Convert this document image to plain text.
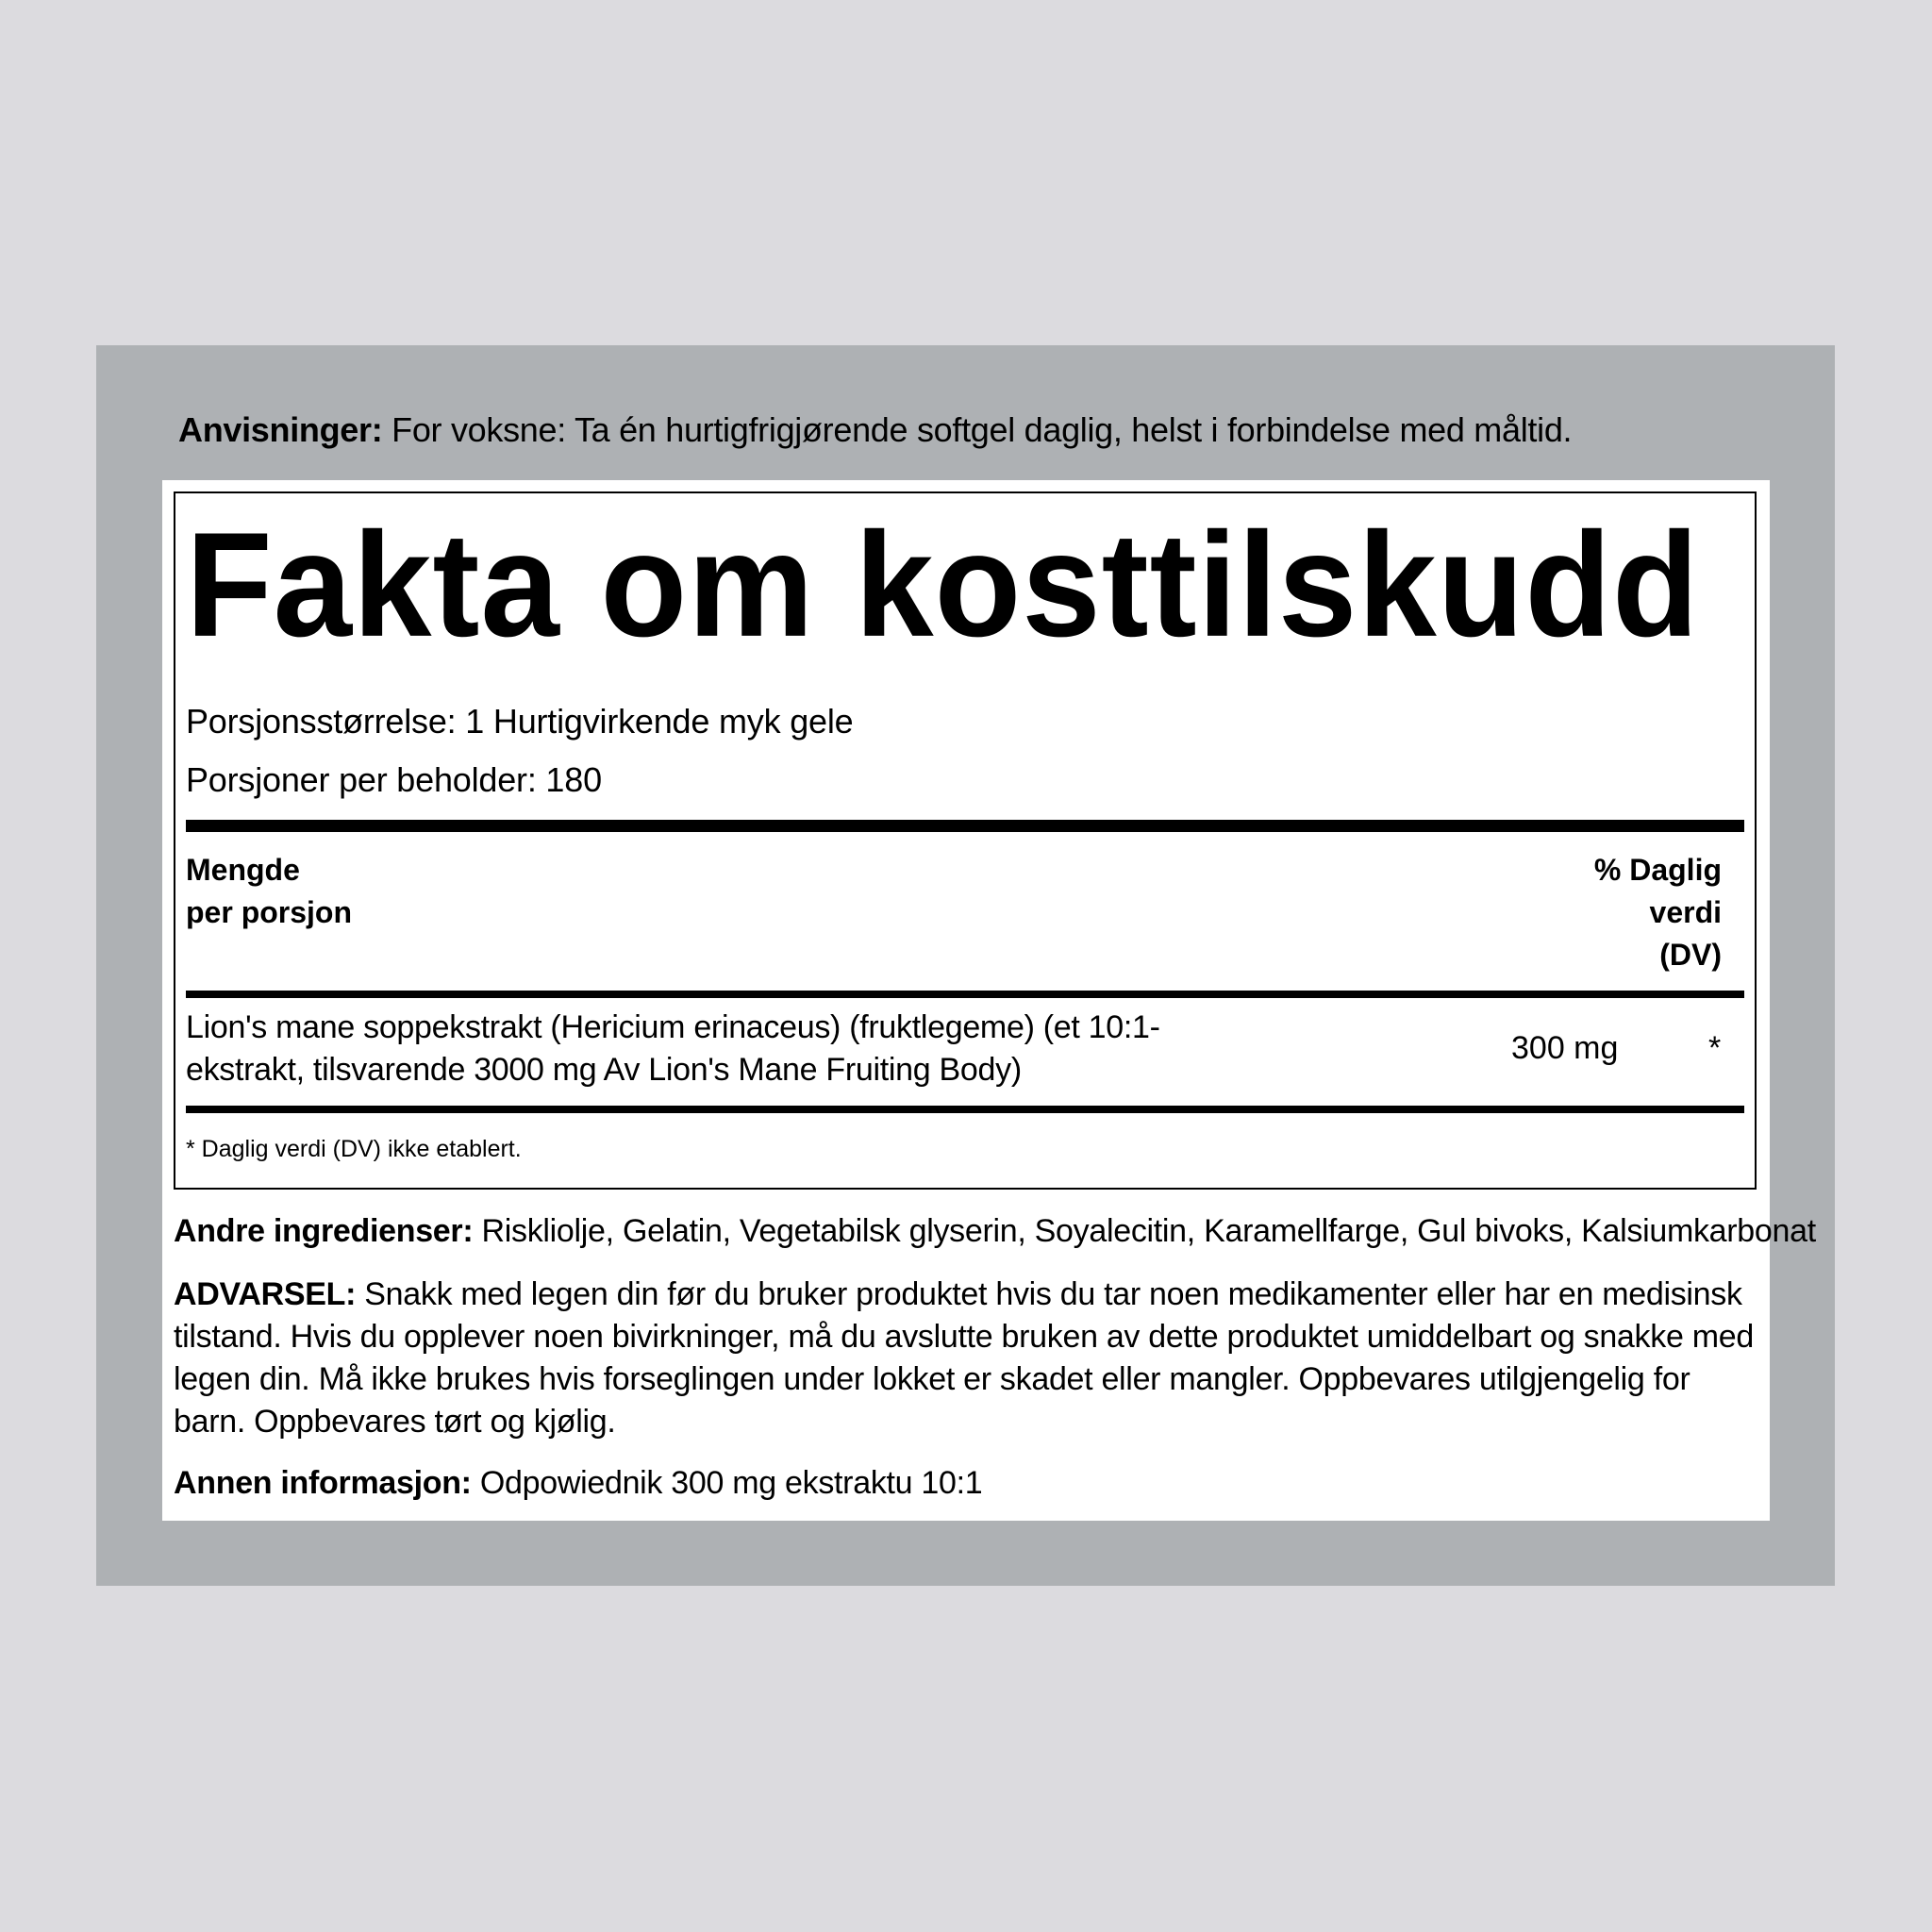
Anvisninger: For voksne: Ta én hurtigfrigjørende softgel daglig, helst i forbindelse med måltid.
Fakta om kosttilskudd
Porsjonsstørrelse: 1 Hurtigvirkende myk gele
Porsjoner per beholder: 180
Mengde
per porsjon
% Daglig
verdi
(DV)
Lion's mane soppekstrakt (Hericium erinaceus) (fruktlegeme) (et 10:1-ekstrakt, tilsvarende 3000 mg Av Lion's Mane Fruiting Body)
300 mg	*
* Daglig verdi (DV) ikke etablert.
Andre ingredienser: Riskliolje, Gelatin, Vegetabilsk glyserin, Soyalecitin, Karamellfarge, Gul bivoks, Kalsiumkarbonat
ADVARSEL: Snakk med legen din før du bruker produktet hvis du tar noen medikamenter eller har en medisinsk tilstand. Hvis du opplever noen bivirkninger, må du avslutte bruken av dette produktet umiddelbart og snakke med legen din. Må ikke brukes hvis forseglingen under lokket er skadet eller mangler. Oppbevares utilgjengelig for barn. Oppbevares tørt og kjølig.
Annen informasjon: Odpowiednik 300 mg ekstraktu 10:1
